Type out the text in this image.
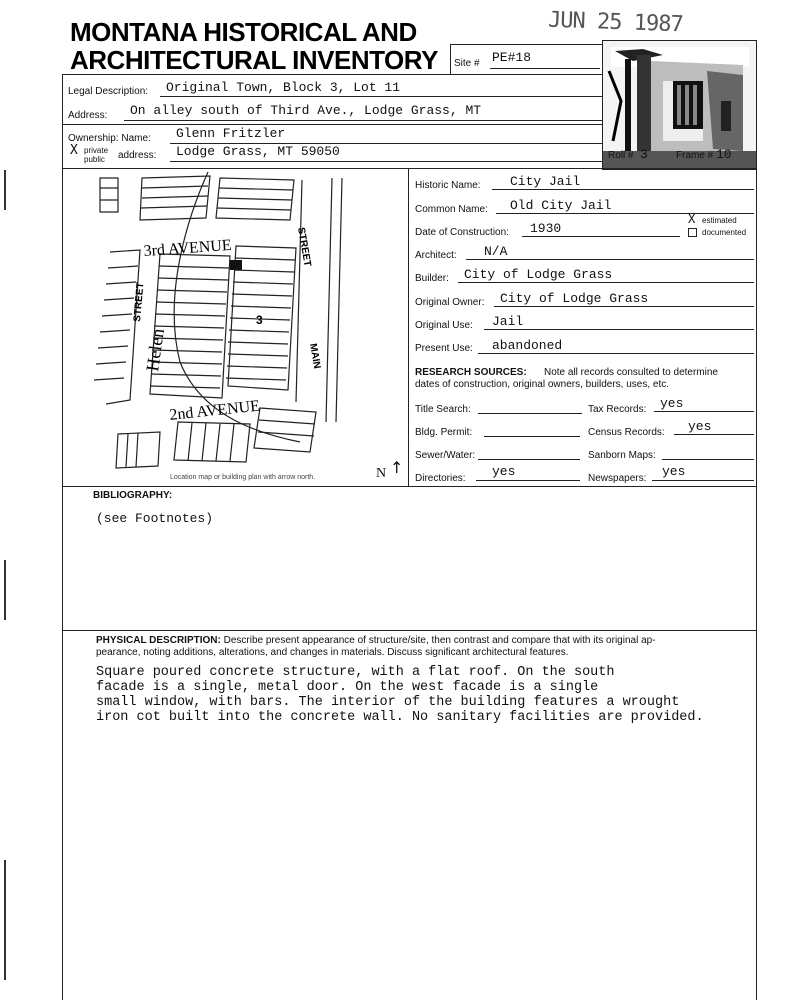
MONTANA HISTORICAL AND
ARCHITECTURAL INVENTORY
JUN 25 1987
Site # PE#18
Legal Description: Original Town, Block 3, Lot 11
Address: On alley south of Third Ave., Lodge Grass, MT
Ownership: Name: Glenn Fritzler
X private
public address: Lodge Grass, MT 59050	Roll # 3	Frame # 10
3rd AVENUE
2nd AVENUE
Helen
STREET
MAIN
STREET
3
Location map or building plan with arrow north.	N ↑
Historic Name: City Jail
Common Name: Old City Jail
Date of Construction: 1930
X estimated
documented
Architect: N/A
Builder: City of Lodge Grass
Original Owner: City of Lodge Grass
Original Use: Jail
Present Use: abandoned
RESEARCH SOURCES: Note all records consulted to determine
dates of construction, original owners, builders, uses, etc.
Title Search:	Tax Records: yes
Bldg. Permit:	Census Records: yes
Sewer/Water:	Sanborn Maps:
Directories: yes	Newspapers: yes
BIBLIOGRAPHY:
(see Footnotes)
PHYSICAL DESCRIPTION: Describe present appearance of structure/site, then contrast and compare that with its original ap-
pearance, noting additions, alterations, and changes in materials. Discuss significant architectural features.
Square poured concrete structure, with a flat roof. On the south
facade is a single, metal door. On the west facade is a single
small window, with bars. The interior of the building features a wrought
iron cot built into the concrete wall. No sanitary facilities are provided.
